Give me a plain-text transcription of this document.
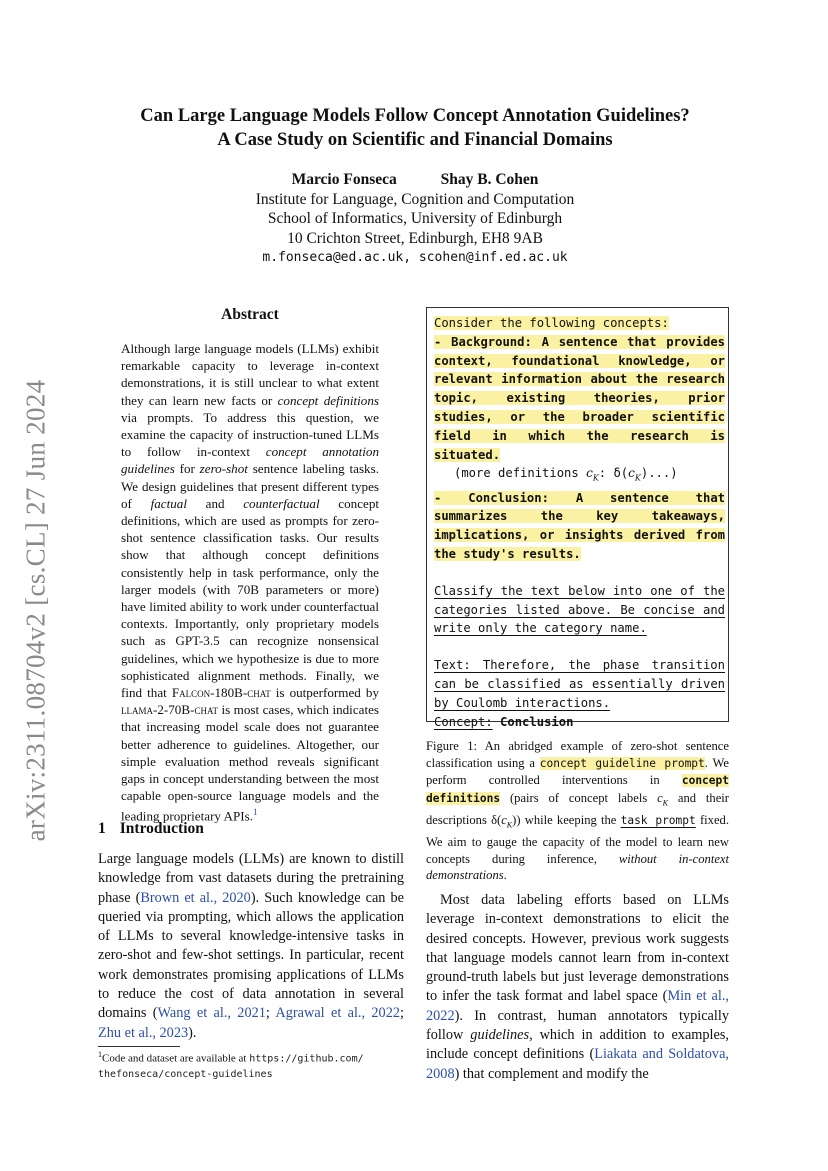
arXiv:2311.08704v2 [cs.CL] 27 Jun 2024
Can Large Language Models Follow Concept Annotation Guidelines?
A Case Study on Scientific and Financial Domains
Marcio Fonseca	Shay B. Cohen
Institute for Language, Cognition and Computation
School of Informatics, University of Edinburgh
10 Crichton Street, Edinburgh, EH8 9AB
m.fonseca@ed.ac.uk, scohen@inf.ed.ac.uk
Abstract
Although large language models (LLMs) exhibit remarkable capacity to leverage in-context demonstrations, it is still unclear to what extent they can learn new facts or concept definitions via prompts. To address this question, we examine the capacity of instruction-tuned LLMs to follow in-context concept annotation guidelines for zero-shot sentence labeling tasks. We design guidelines that present different types of factual and counterfactual concept definitions, which are used as prompts for zero-shot sentence classification tasks. Our results show that although concept definitions consistently help in task performance, only the larger models (with 70B parameters or more) have limited ability to work under counterfactual contexts. Importantly, only proprietary models such as GPT-3.5 can recognize nonsensical guidelines, which we hypothesize is due to more sophisticated alignment methods. Finally, we find that Falcon-180B-chat is outperformed by llama-2-70B-chat is most cases, which indicates that increasing model scale does not guarantee better adherence to guidelines. Altogether, our simple evaluation method reveals significant gaps in concept understanding between the most capable open-source language models and the leading proprietary APIs.$^1$
1 Introduction
Large language models (LLMs) are known to distill knowledge from vast datasets during the pretraining phase (Brown et al., 2020). Such knowledge can be queried via prompting, which allows the application of LLMs to several knowledge-intensive tasks in zero-shot and few-shot settings. In particular, recent work demonstrates promising applications of LLMs to reduce the cost of data annotation in several domains (Wang et al., 2021; Agrawal et al., 2022; Zhu et al., 2023).
$^1$Code and dataset are available at https://github.com/
thefonseca/concept-guidelines
Consider the following concepts:
- Background: A sentence that provides context, foundational knowledge, or relevant information about the research topic, existing theories, prior studies, or the broader scientific field in which the research is situated.
(more definitions $c_K$: $\delta(c_K)$...)
- Conclusion: A sentence that summarizes the key takeaways, implications, or insights derived from the study's results.
Classify the text below into one of the categories listed above. Be concise and write only the category name.
Text: Therefore, the phase transition can be classified as essentially driven by Coulomb interactions.
Concept: Conclusion
Figure 1: An abridged example of zero-shot sentence classification using a concept guideline prompt. We perform controlled interventions in concept definitions (pairs of concept labels $c_K$ and their descriptions $\delta(c_K)$) while keeping the task prompt fixed. We aim to gauge the capacity of the model to learn new concepts during inference, without in-context demonstrations.
Most data labeling efforts based on LLMs leverage in-context demonstrations to elicit the desired concepts. However, previous work suggests that language models cannot learn from in-context ground-truth labels but just leverage demonstrations to infer the task format and label space (Min et al., 2022). In contrast, human annotators typically follow guidelines, which in addition to examples, include concept definitions (Liakata and Soldatova, 2008) that complement and modify the
